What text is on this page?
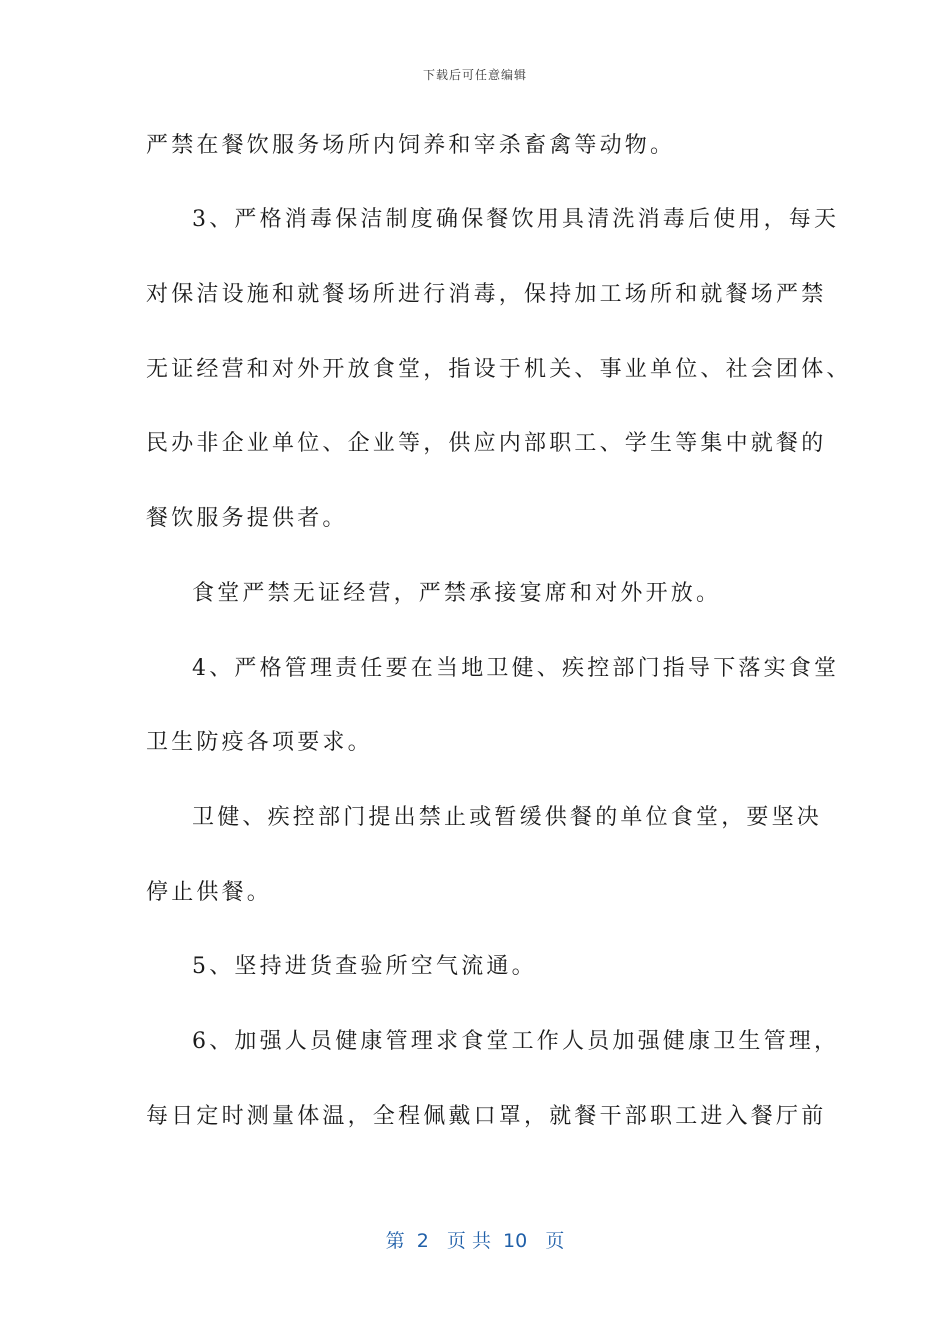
下载后可任意编辑
严禁在餐饮服务场所内饲养和宰杀畜禽等动物。
3、严格消毒保洁制度确保餐饮用具清洗消毒后使用，每天
对保洁设施和就餐场所进行消毒，保持加工场所和就餐场严禁
无证经营和对外开放食堂，指设于机关、事业单位、社会团体、
民办非企业单位、企业等，供应内部职工、学生等集中就餐的
餐饮服务提供者。
食堂严禁无证经营，严禁承接宴席和对外开放。
4、严格管理责任要在当地卫健、疾控部门指导下落实食堂
卫生防疫各项要求。
卫健、疾控部门提出禁止或暂缓供餐的单位食堂，要坚决
停止供餐。
5、坚持进货查验所空气流通。
6、加强人员健康管理求食堂工作人员加强健康卫生管理，
每日定时测量体温，全程佩戴口罩，就餐干部职工进入餐厅前
第  2   页 共  10   页
